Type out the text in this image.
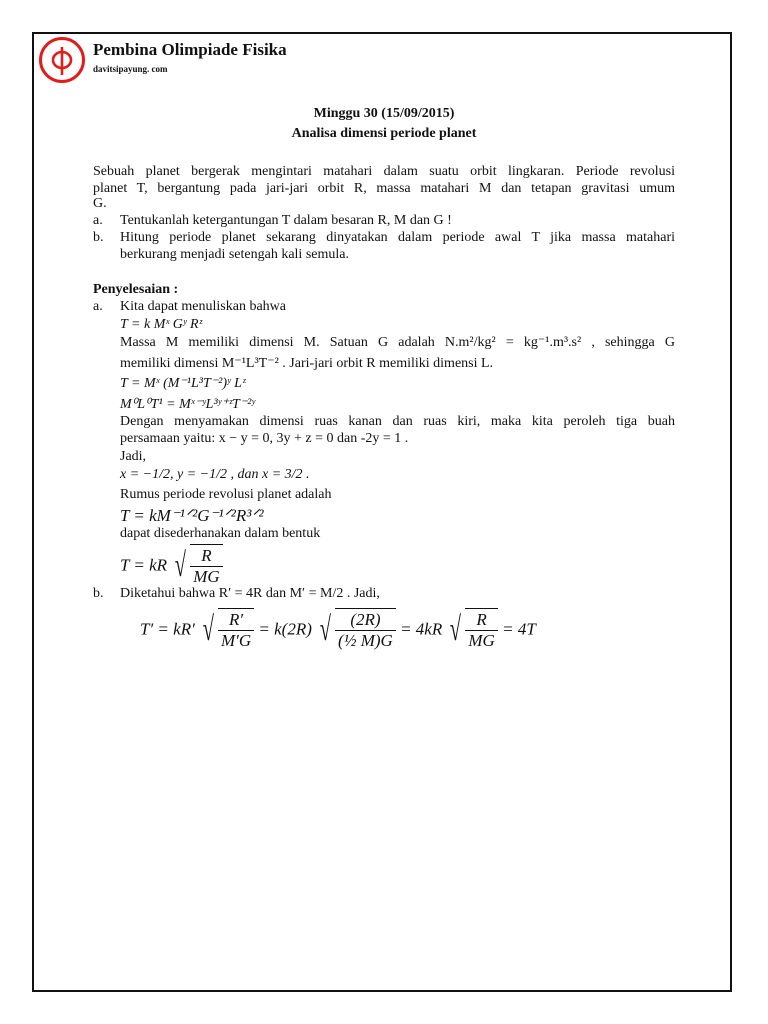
Pembina Olimpiade Fisika
davitsipayung. com
Minggu 30 (15/09/2015)
Analisa dimensi periode planet
Sebuah planet bergerak mengintari matahari dalam suatu orbit lingkaran. Periode revolusi
planet T, bergantung pada jari-jari orbit R, massa matahari M dan tetapan gravitasi umum
G.
a. Tentukanlah ketergantungan T dalam besaran R, M dan G !
b. Hitung periode planet sekarang dinyatakan dalam periode awal T jika massa matahari
berkurang menjadi setengah kali semula.
Penyelesaian :
a. Kita dapat menuliskan bahwa
T = k Mˣ Gʸ Rᶻ
Massa M memiliki dimensi M. Satuan G adalah N.m²/kg² = kg⁻¹.m³.s² , sehingga G
memiliki dimensi M⁻¹L³T⁻² . Jari-jari orbit R memiliki dimensi L.
T = Mˣ (M⁻¹L³T⁻²)ʸ Lᶻ
M⁰L⁰T¹ = Mˣ⁻ʸL³ʸ⁺ᶻT⁻²ʸ
Dengan menyamakan dimensi ruas kanan dan ruas kiri, maka kita peroleh tiga buah
persamaan yaitu: x − y = 0, 3y + z = 0 dan -2y = 1 .
Jadi,
x = −1/2, y = −1/2 , dan x = 3/2 .
Rumus periode revolusi planet adalah
T = kM⁻¹ᐟ²G⁻¹ᐟ²R³ᐟ²
dapat disederhanakan dalam bentuk
T = kR √ $\frac{R}{MG}$
b. Diketahui bahwa R′ = 4R dan M′ = M/2 . Jadi,
T′ = kR′ √ $\frac{R'}{M'G} = k(2R)$ √ $\frac{(2R)}{\text{(½ M)G}} = 4kR$ √ $\frac{R}{MG} = 4T$
